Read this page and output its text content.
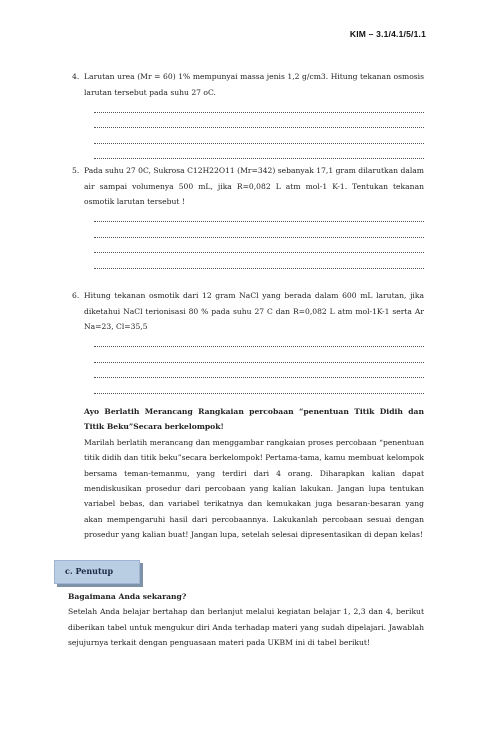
KIM – 3.1/4.1/5/1.1
4. Larutan urea (Mr = 60) 1% mempunyai massa jenis 1,2 g/cm3. Hitung tekanan osmosis larutan tersebut pada suhu 27 oC.
5. Pada suhu 27 0C, Sukrosa C12H22O11 (Mr=342) sebanyak 17,1 gram dilarutkan dalam air sampai volumenya 500 mL, jika R=0,082 L atm mol-1 K-1. Tentukan tekanan osmotik larutan tersebut !
6. Hitung tekanan osmotik dari 12 gram NaCl yang berada dalam 600 mL larutan, jika diketahui NaCl terionisasi 80 % pada suhu 27 C dan R=0,082 L atm mol-1K-1 serta Ar Na=23, Cl=35,5
Ayo Berlatih Merancang Rangkaian percobaan “penentuan Titik Didih dan Titik Beku”Secara berkelompok!
Marilah berlatih merancang dan menggambar rangkaian proses percobaan “penentuan titik didih dan titik beku”secara berkelompok! Pertama-tama, kamu membuat kelompok bersama teman-temanmu, yang terdiri dari 4 orang. Diharapkan kalian dapat mendiskusikan prosedur dari percobaan yang kalian lakukan. Jangan lupa tentukan variabel bebas, dan variabel terikatnya dan kemukakan juga besaran-besaran yang akan mempengaruhi hasil dari percobaannya. Lakukanlah percobaan sesuai dengan prosedur yang kalian buat! Jangan lupa, setelah selesai dipresentasikan di depan kelas!
c. Penutup
Bagaimana Anda sekarang?
Setelah Anda belajar bertahap dan berlanjut melalui kegiatan belajar 1, 2,3 dan 4, berikut diberikan tabel untuk mengukur diri Anda terhadap materi yang sudah dipelajari. Jawablah sejujurnya terkait dengan penguasaan materi pada UKBM ini di tabel berikut!
